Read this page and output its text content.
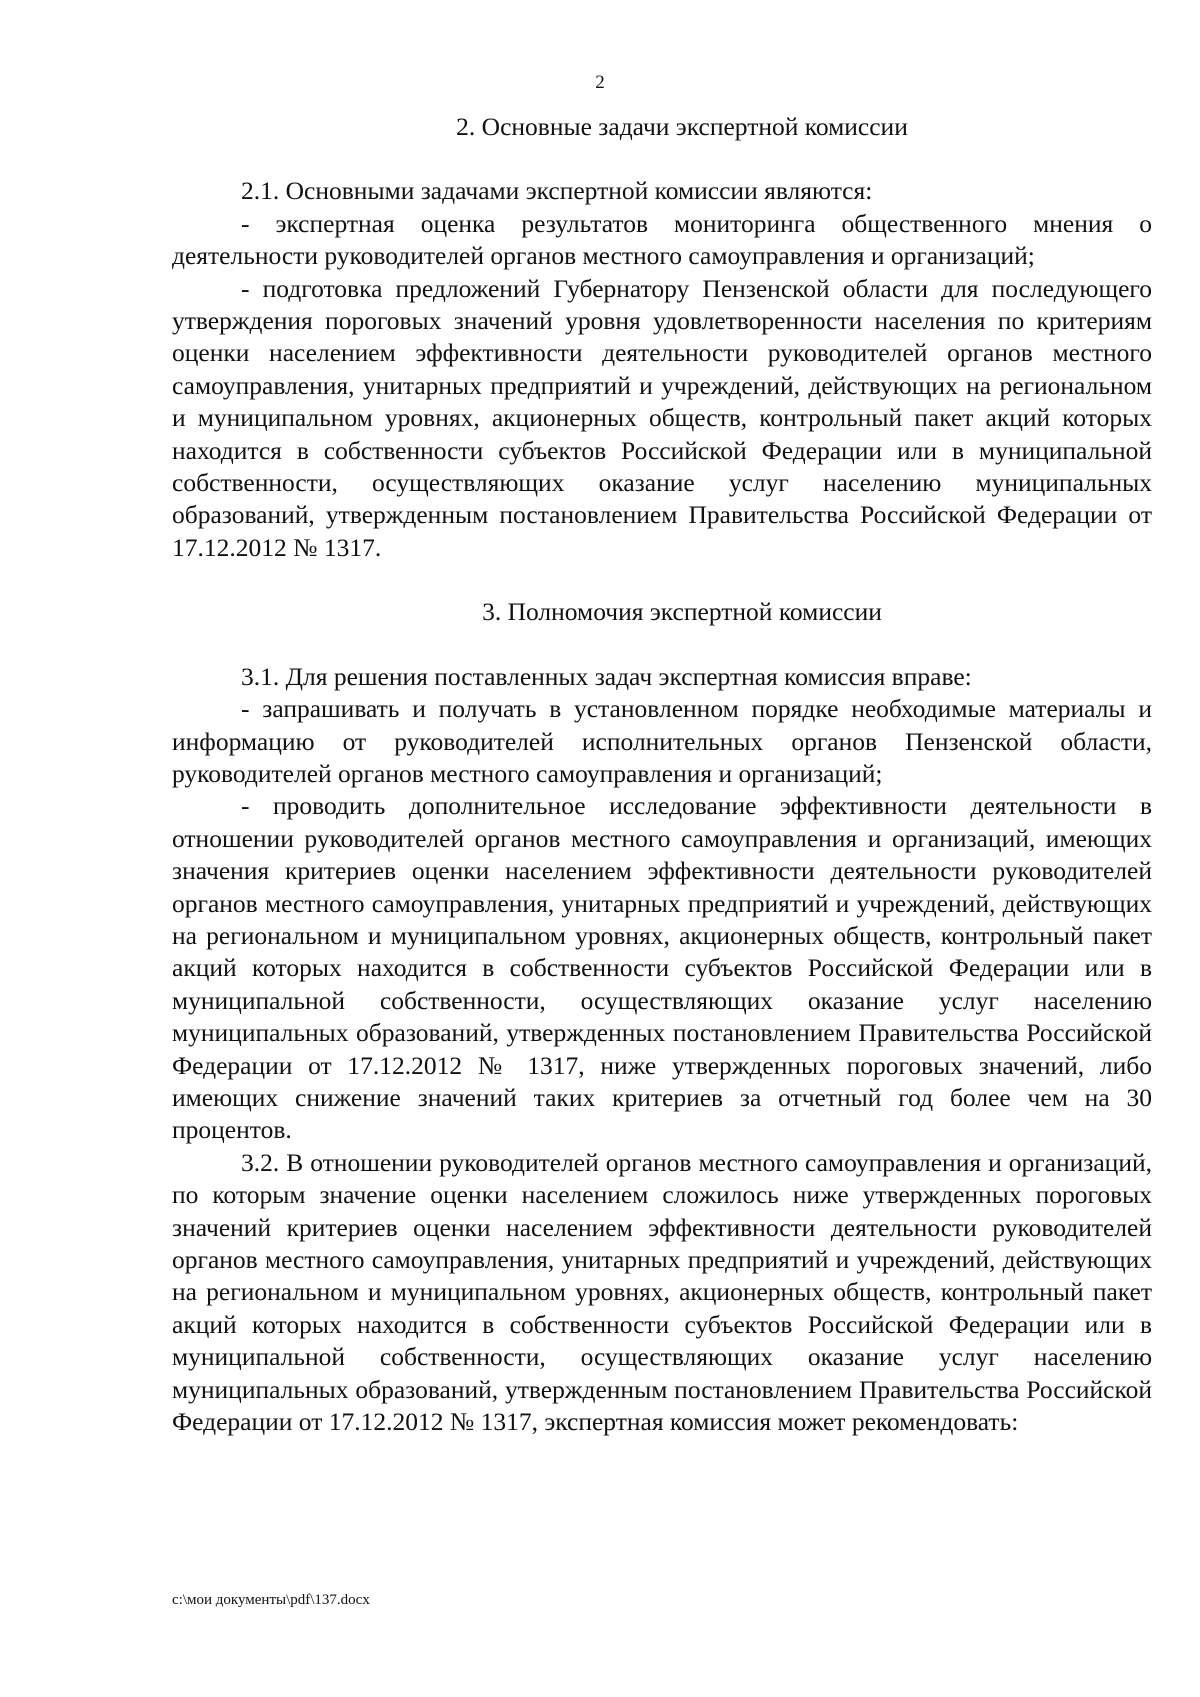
2

2. Основные задачи экспертной комиссии

2.1. Основными задачами экспертной комиссии являются:

- экспертная оценка результатов мониторинга общественного мнения о деятельности руководителей органов местного самоуправления и организаций;

- подготовка предложений Губернатору Пензенской области для последующего утверждения пороговых значений уровня удовлетворенности населения по критериям оценки населением эффективности деятельности руководителей органов местного самоуправления, унитарных предприятий и учреждений, действующих на региональном и муниципальном уровнях, акционерных обществ, контрольный пакет акций которых находится в собственности субъектов Российской Федерации или в муниципальной собственности, осуществляющих оказание услуг населению муниципальных образований, утвержденным постановлением Правительства Российской Федерации от 17.12.2012 № 1317.

3. Полномочия экспертной комиссии

3.1. Для решения поставленных задач экспертная комиссия вправе:

- запрашивать и получать в установленном порядке необходимые материалы и информацию от руководителей исполнительных органов Пензенской области, руководителей органов местного самоуправления и организаций;

- проводить дополнительное исследование эффективности деятельности в отношении руководителей органов местного самоуправления и организаций, имеющих значения критериев оценки населением эффективности деятельности руководителей органов местного самоуправления, унитарных предприятий и учреждений, действующих на региональном и муниципальном уровнях, акционерных обществ, контрольный пакет акций которых находится в собственности субъектов Российской Федерации или в муниципальной собственности, осуществляющих оказание услуг населению муниципальных образований, утвержденных постановлением Правительства Российской Федерации от 17.12.2012 № 1317, ниже утвержденных пороговых значений, либо имеющих снижение значений таких критериев за отчетный год более чем на 30 процентов.

3.2. В отношении руководителей органов местного самоуправления и организаций, по которым значение оценки населением сложилось ниже утвержденных пороговых значений критериев оценки населением эффективности деятельности руководителей органов местного самоуправления, унитарных предприятий и учреждений, действующих на региональном и муниципальном уровнях, акционерных обществ, контрольный пакет акций которых находится в собственности субъектов Российской Федерации или в муниципальной собственности, осуществляющих оказание услуг населению муниципальных образований, утвержденным постановлением Правительства Российской Федерации от 17.12.2012 № 1317, экспертная комиссия может рекомендовать:

c:\мои документы\pdf\137.docx
